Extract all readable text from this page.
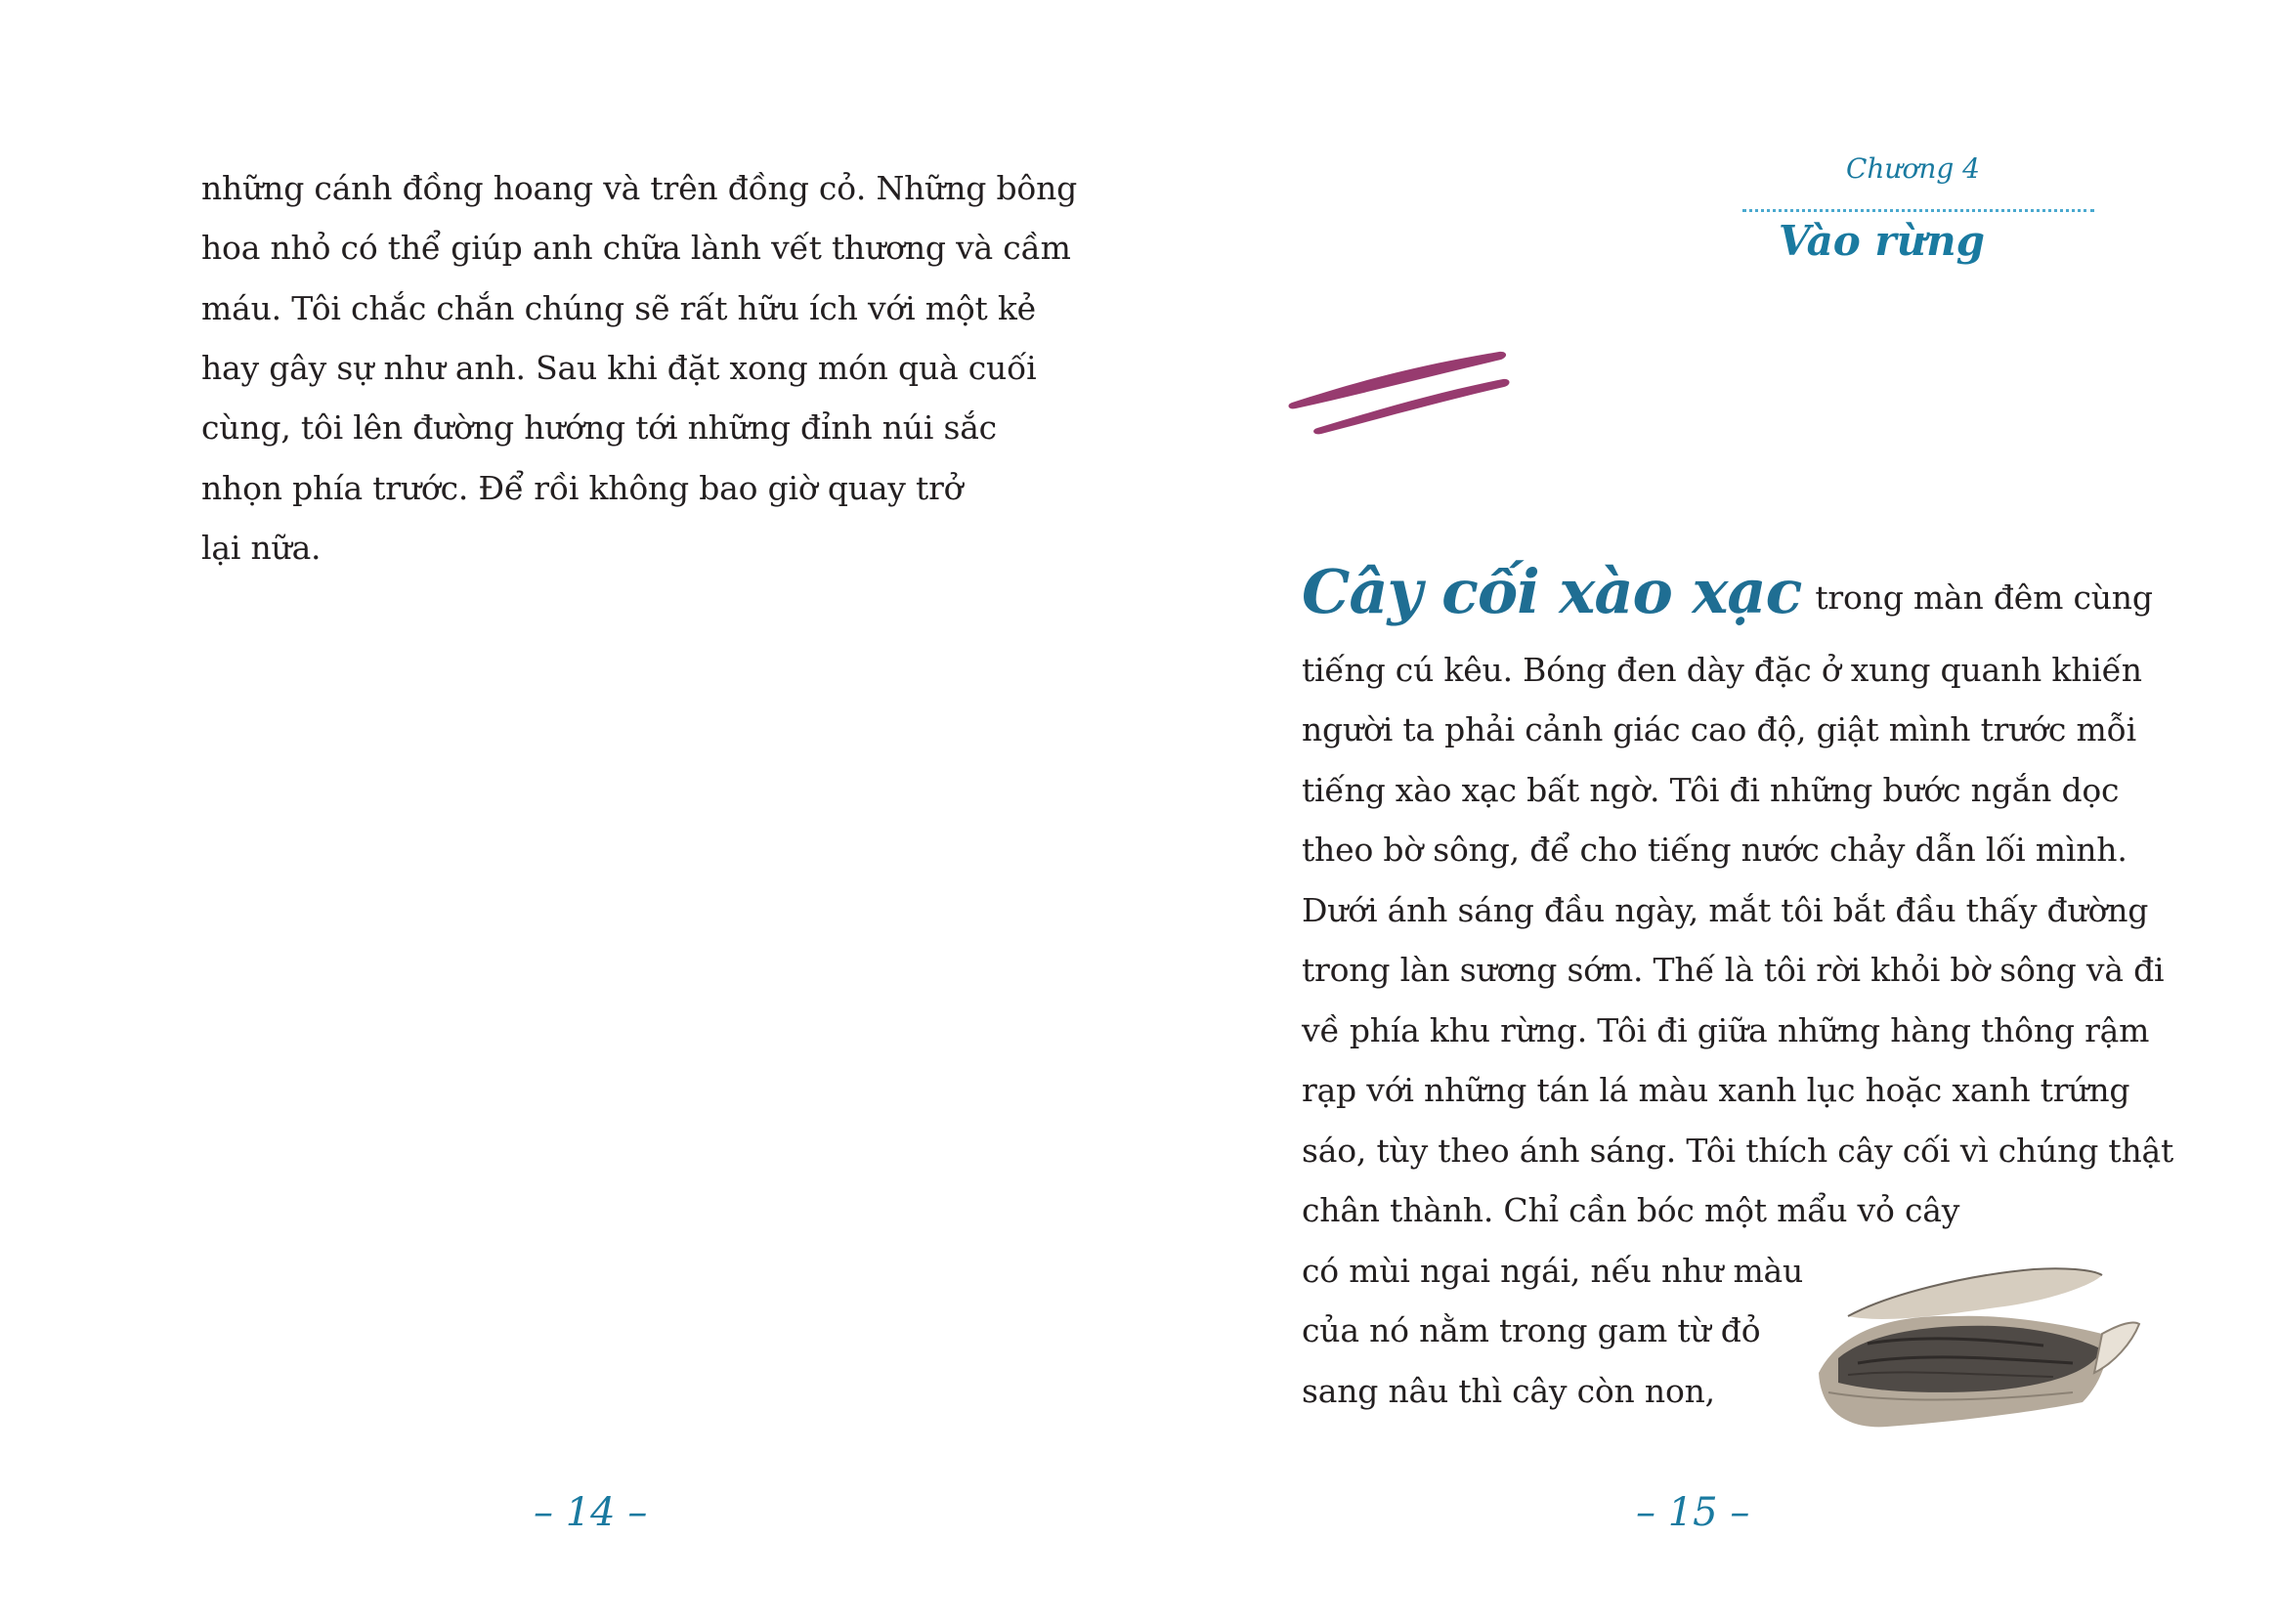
những cánh đồng hoang và trên đồng cỏ. Những bông
hoa nhỏ có thể giúp anh chữa lành vết thương và cầm
máu. Tôi chắc chắn chúng sẽ rất hữu ích với một kẻ
hay gây sự như anh. Sau khi đặt xong món quà cuối
cùng, tôi lên đường hướng tới những đỉnh núi sắc
nhọn phía trước. Để rồi không bao giờ quay trở
lại nữa.
– 14 –
Chương 4
Vào rừng
Cây cối xào xạc trong màn đêm cùng
tiếng cú kêu. Bóng đen dày đặc ở xung quanh khiến
người ta phải cảnh giác cao độ, giật mình trước mỗi
tiếng xào xạc bất ngờ. Tôi đi những bước ngắn dọc
theo bờ sông, để cho tiếng nước chảy dẫn lối mình.
Dưới ánh sáng đầu ngày, mắt tôi bắt đầu thấy đường
trong làn sương sớm. Thế là tôi rời khỏi bờ sông và đi
về phía khu rừng. Tôi đi giữa những hàng thông rậm
rạp với những tán lá màu xanh lục hoặc xanh trứng
sáo, tùy theo ánh sáng. Tôi thích cây cối vì chúng thật
chân thành. Chỉ cần bóc một mẩu vỏ cây
có mùi ngai ngái, nếu như màu
của nó nằm trong gam từ đỏ
sang nâu thì cây còn non,
– 15 –
